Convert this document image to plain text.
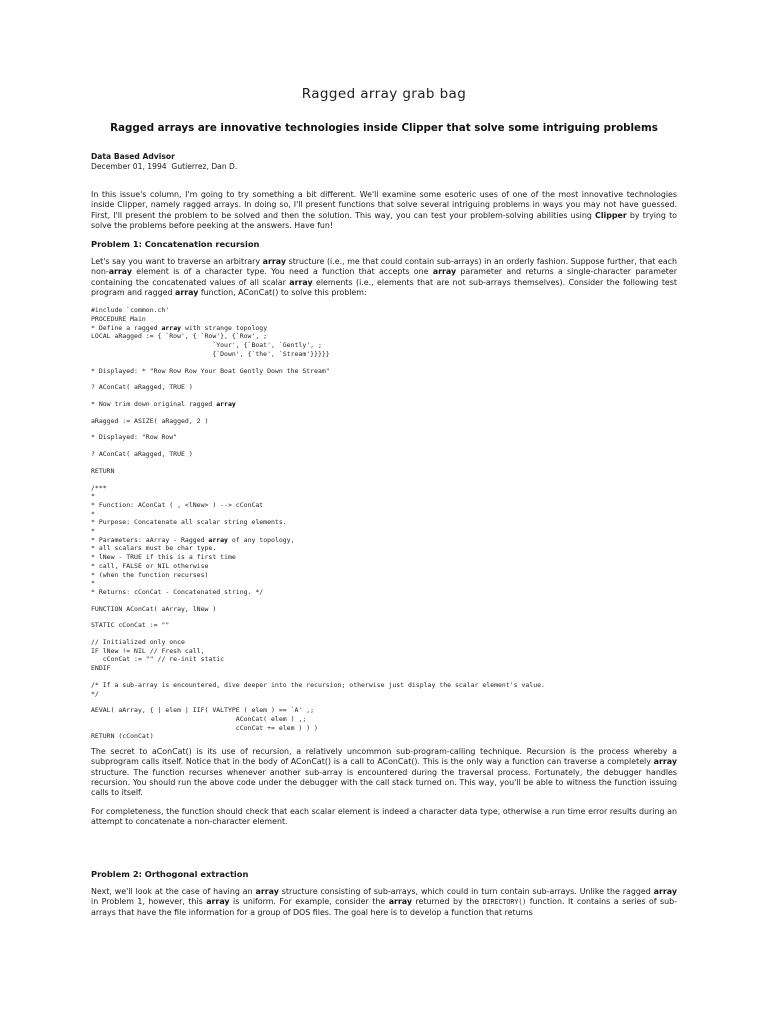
Ragged array grab bag
Ragged arrays are innovative technologies inside Clipper that solve some intriguing problems
Data Based Advisor
December 01, 1994  Gutierrez, Dan D.

In this issue's column, I'm going to try something a bit different. We'll examine some esoteric uses of one of the most innovative technologies inside Clipper, namely ragged arrays. In doing so, I'll present functions that solve several intriguing problems in ways you may not have guessed. First, I'll present the problem to be solved and then the solution. This way, you can test your problem-solving abilities using Clipper by trying to solve the problems before peeking at the answers. Have fun!

Problem 1: Concatenation recursion

Let's say you want to traverse an arbitrary array structure (i.e., me that could contain sub-arrays) in an orderly fashion. Suppose further, that each non-array element is of a character type. You need a function that accepts one array parameter and returns a single-character parameter containing the concatenated values of all scalar array elements (i.e., elements that are not sub-arrays themselves). Consider the following test program and ragged array function, AConCat() to solve this problem:

#include `common.ch'
PROCEDURE Main
* Define a ragged array with strange topology
LOCAL aRagged := { `Row', { `Row'}, {`Row', ;
`Your', {`Boat', `Gently', ;
{`Down', {`the', `Stream'}}}}}
* Displayed: * "Row Row Row Your Boat Gently Down the Stream"
? AConCat( aRagged, TRUE )
* Now trim down original ragged array
aRagged := ASIZE( aRagged, 2 )
* Displayed: "Row Row"
? AConCat( aRagged, TRUE )
RETURN
/***
*
* Function: AConCat ( , <lNew> ) --> cConCat
*
* Purpose: Concatenate all scalar string elements.
*
* Parameters: aArray - Ragged array of any topology,
* all scalars must be char type.
* lNew - TRUE if this is a first time
* call, FALSE or NIL otherwise
* (when the function recurses)
*
* Returns: cConCat - Concatenated string. */
FUNCTION AConCat( aArray, lNew )
STATIC cConCat := ""
// Initialized only once
IF lNew != NIL // Fresh call,
cConCat := "" // re-init static
ENDIF
/* If a sub-array is encountered, dive deeper into the recursion; otherwise just display the scalar element's value.
*/
AEVAL( aArray, { | elem | IIF( VALTYPE ( elem ) == `A' ,;
AConCat( elem ) ,;
cConCat += elem ) ) )
RETURN (cConCat)

The secret to aConCat() is its use of recursion, a relatively uncommon sub-program-calling technique. Recursion is the process whereby a subprogram calls itself. Notice that in the body of AConCat() is a call to AConCat(). This is the only way a function can traverse a completely array structure. The function recurses whenever another sub-array is encountered during the traversal process. Fortunately, the debugger handles recursion. You should run the above code under the debugger with the call stack turned on. This way, you'll be able to witness the function issuing calls to itself.

For completeness, the function should check that each scalar element is indeed a character data type, otherwise a run time error results during an attempt to concatenate a non-character element.

Problem 2: Orthogonal extraction

Next, we'll look at the case of having an array structure consisting of sub-arrays, which could in turn contain sub-arrays. Unlike the ragged array in Problem 1, however, this array is uniform. For example, consider the array returned by the DIRECTORY() function. It contains a series of sub-arrays that have the file information for a group of DOS files. The goal here is to develop a function that returns
